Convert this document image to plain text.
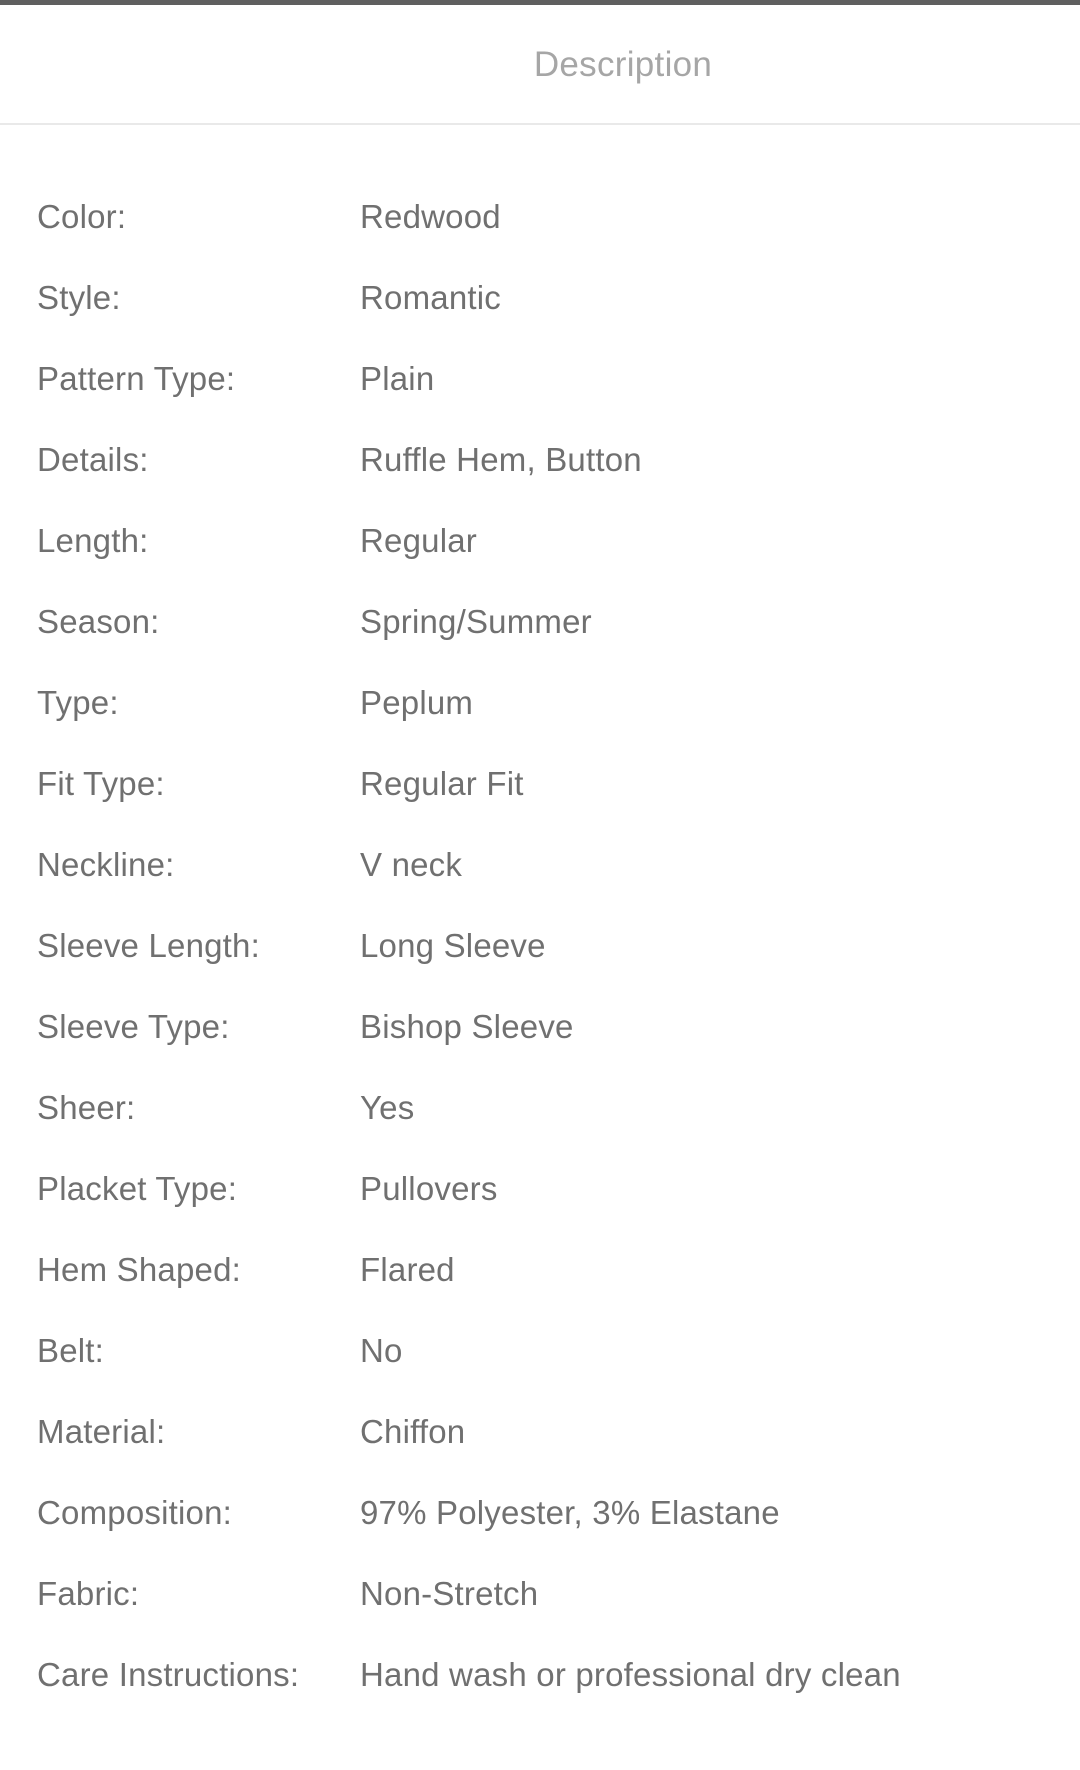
Description
Color:	Redwood
Style:	Romantic
Pattern Type:	Plain
Details:	Ruffle Hem, Button
Length:	Regular
Season:	Spring/Summer
Type:	Peplum
Fit Type:	Regular Fit
Neckline:	V neck
Sleeve Length:	Long Sleeve
Sleeve Type:	Bishop Sleeve
Sheer:	Yes
Placket Type:	Pullovers
Hem Shaped:	Flared
Belt:	No
Material:	Chiffon
Composition:	97% Polyester, 3% Elastane
Fabric:	Non-Stretch
Care Instructions:	Hand wash or professional dry clean
